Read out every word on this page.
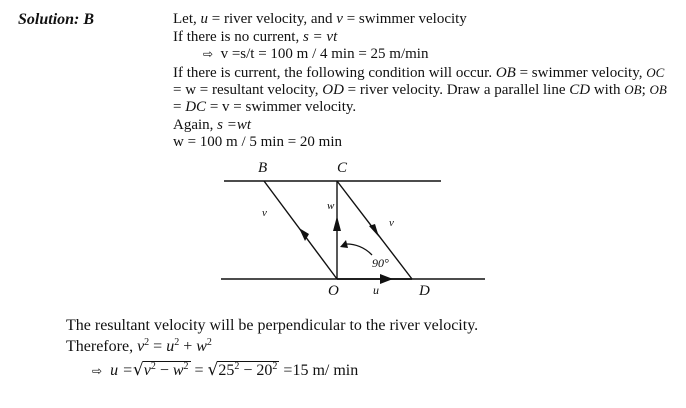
Solution: B	Let, u = river velocity, and v = swimmer velocity
If there is no current, s = vt
⇨ v =s/t = 100 m / 4 min = 25 m/min
If there is current, the following condition will occur. OB = swimmer velocity, OC
= w = resultant velocity, OD = river velocity. Draw a parallel line CD with OB; OB
= DC = v = swimmer velocity.
Again, s =wt
w = 100 m / 5 min = 20 min
B	C
v
w
v
90°
O	u	D
The resultant velocity will be perpendicular to the river velocity.
Therefore, $v^2 = u^2 + w^2$
⇨ $u =√v^2 - w^2 = √25^2 - 20^2 =15$ m/ min
